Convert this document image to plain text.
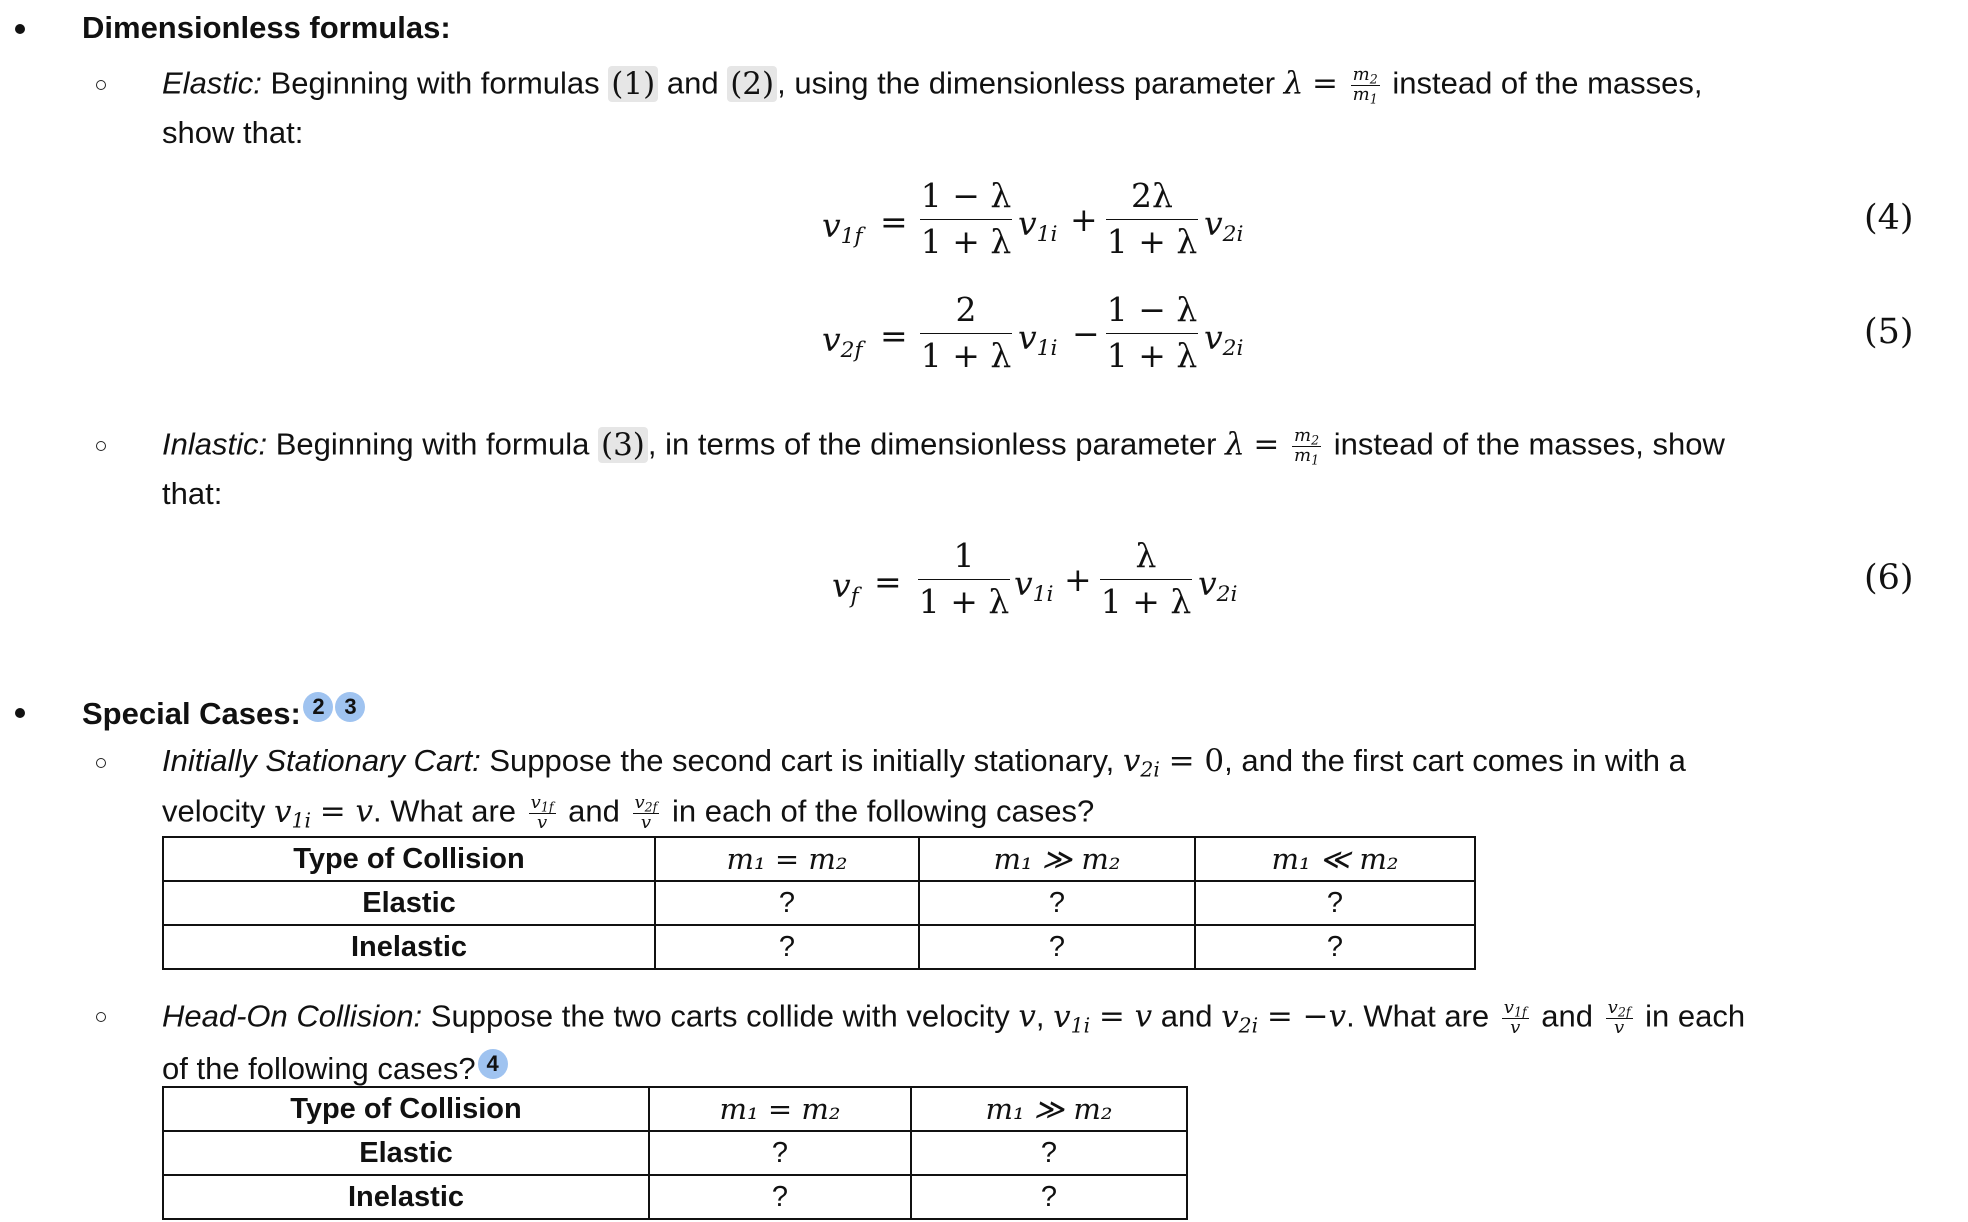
Dimensionless formulas:
Elastic: Beginning with formulas (1) and (2), using the dimensionless parameter $\lambda = \frac{m_2}{m_1}$ instead of the masses,
show that:
$v_{1f}$ =
1 − λ
1 + λ $v_{1i}$ +
2λ
1 + λ $v_{2i}$	(4)
$v_{2f}$ =
2
1 + λ $v_{1i}$ −
1 − λ
1 + λ $v_{2i}$	(5)
Inlastic: Beginning with formula (3), in terms of the dimensionless parameter $\lambda = \frac{m_2}{m_1}$ instead of the masses, show
that:
$v_f$ =
1
1 + λ $v_{1i}$ +
λ
1 + λ $v_{2i}$	(6)
Special Cases: 2 3
Initially Stationary Cart: Suppose the second cart is initially stationary, $v_{2i} = 0$, and the first cart comes in with a
velocity $v_{1i} = v$. What are $\frac{v_{1f}}{v}$ and $\frac{v_{2f}}{v}$ in each of the following cases?
Type of Collision	m₁ = m₂	m₁ ≫ m₂	m₁ ≪ m₂
Elastic	?	?	?
Inelastic	?	?	?
Head-On Collision: Suppose the two carts collide with velocity v, $v_{1i} = v$ and $v_{2i} = -v$. What are $\frac{v_{1f}}{v}$ and $\frac{v_{2f}}{v}$ in each
of the following cases? 4
Type of Collision	m₁ = m₂	m₁ ≫ m₂
Elastic	?	?
Inelastic	?	?
